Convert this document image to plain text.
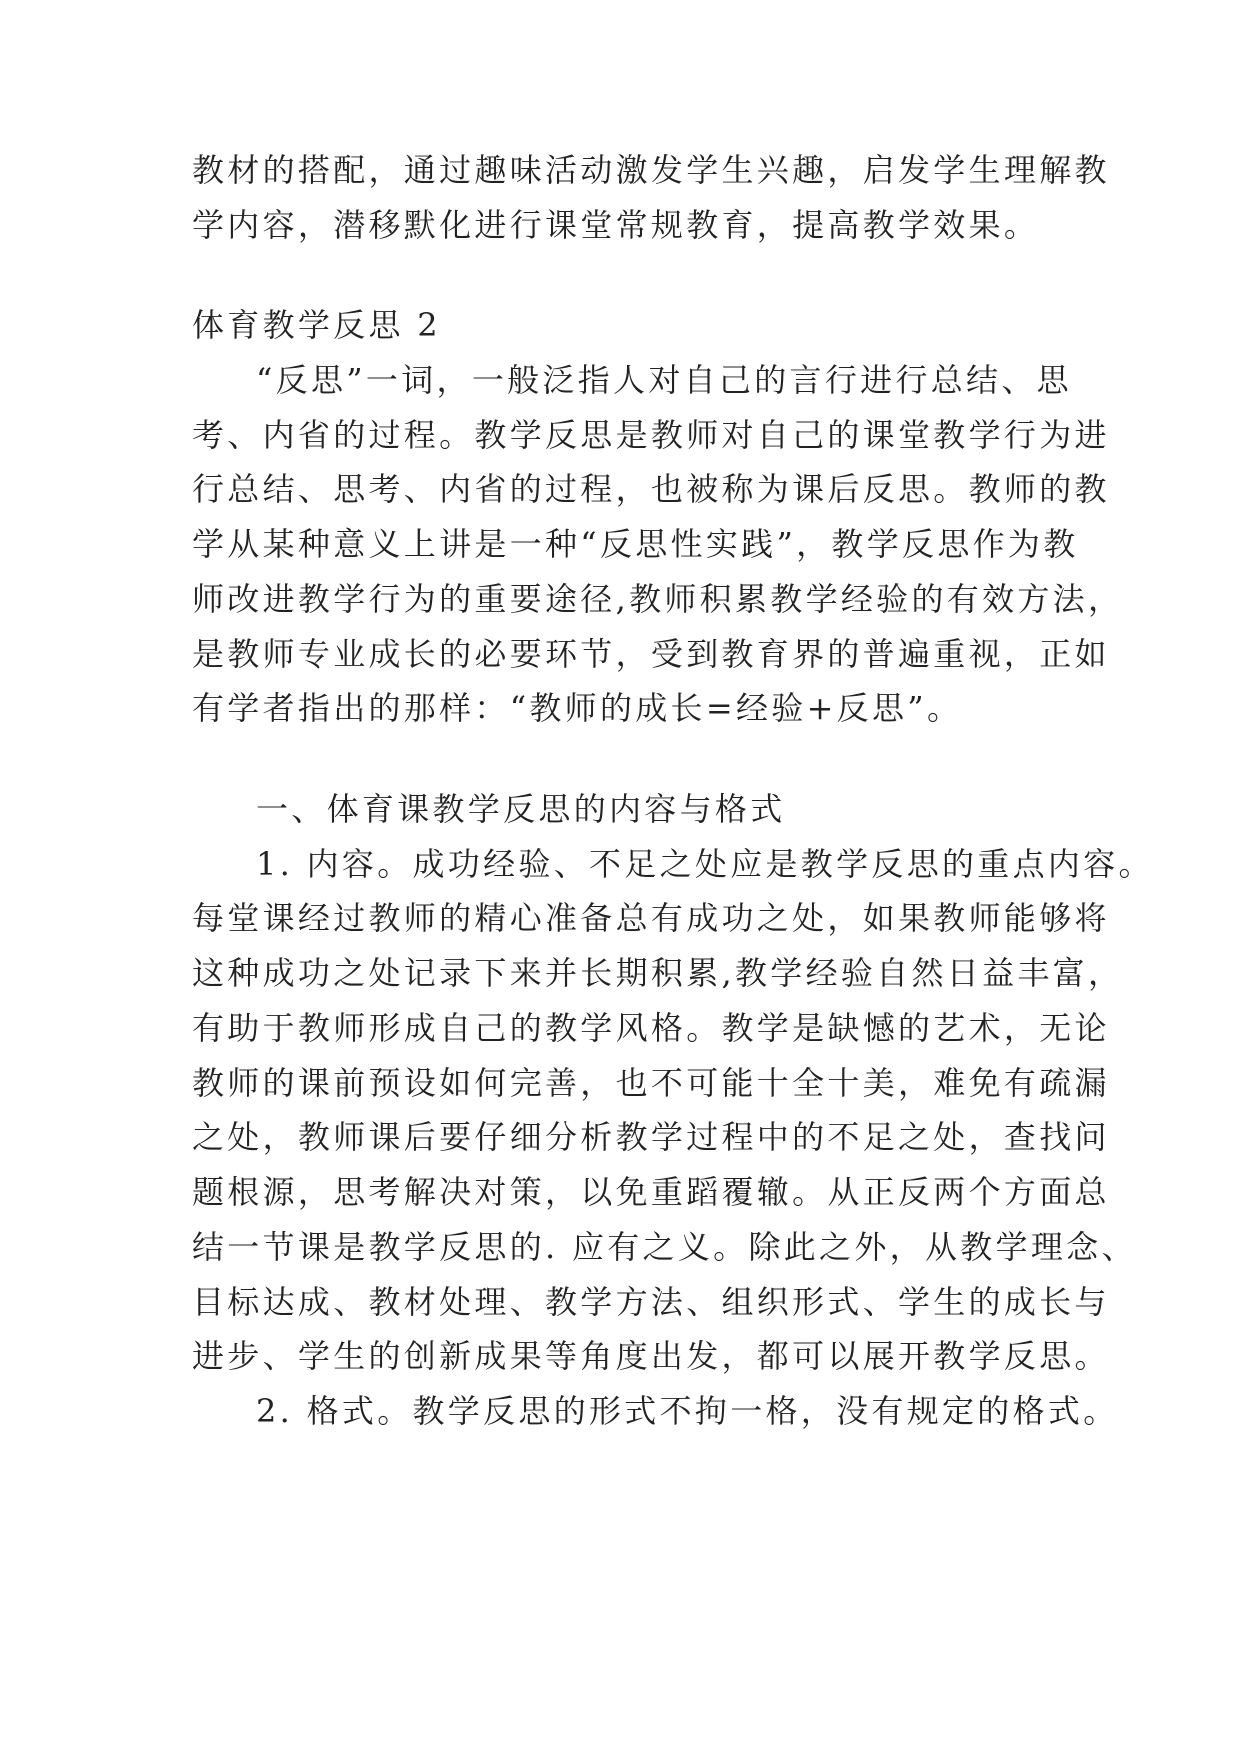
教材的搭配，通过趣味活动激发学生兴趣，启发学生理解教
学内容，潜移默化进行课堂常规教育，提高教学效果。
体育教学反思 2
“反思”一词，一般泛指人对自己的言行进行总结、思
考、内省的过程。教学反思是教师对自己的课堂教学行为进
行总结、思考、内省的过程，也被称为课后反思。教师的教
学从某种意义上讲是一种“反思性实践”，教学反思作为教
师改进教学行为的重要途径,教师积累教学经验的有效方法，
是教师专业成长的必要环节，受到教育界的普遍重视，正如
有学者指出的那样：“教师的成长=经验+反思”。
一、体育课教学反思的内容与格式
1. 内容。成功经验、不足之处应是教学反思的重点内容。
每堂课经过教师的精心准备总有成功之处，如果教师能够将
这种成功之处记录下来并长期积累,教学经验自然日益丰富，
有助于教师形成自己的教学风格。教学是缺憾的艺术，无论
教师的课前预设如何完善，也不可能十全十美，难免有疏漏
之处，教师课后要仔细分析教学过程中的不足之处，查找问
题根源，思考解决对策，以免重蹈覆辙。从正反两个方面总
结一节课是教学反思的. 应有之义。除此之外，从教学理念、
目标达成、教材处理、教学方法、组织形式、学生的成长与
进步、学生的创新成果等角度出发，都可以展开教学反思。
2. 格式。教学反思的形式不拘一格，没有规定的格式。
